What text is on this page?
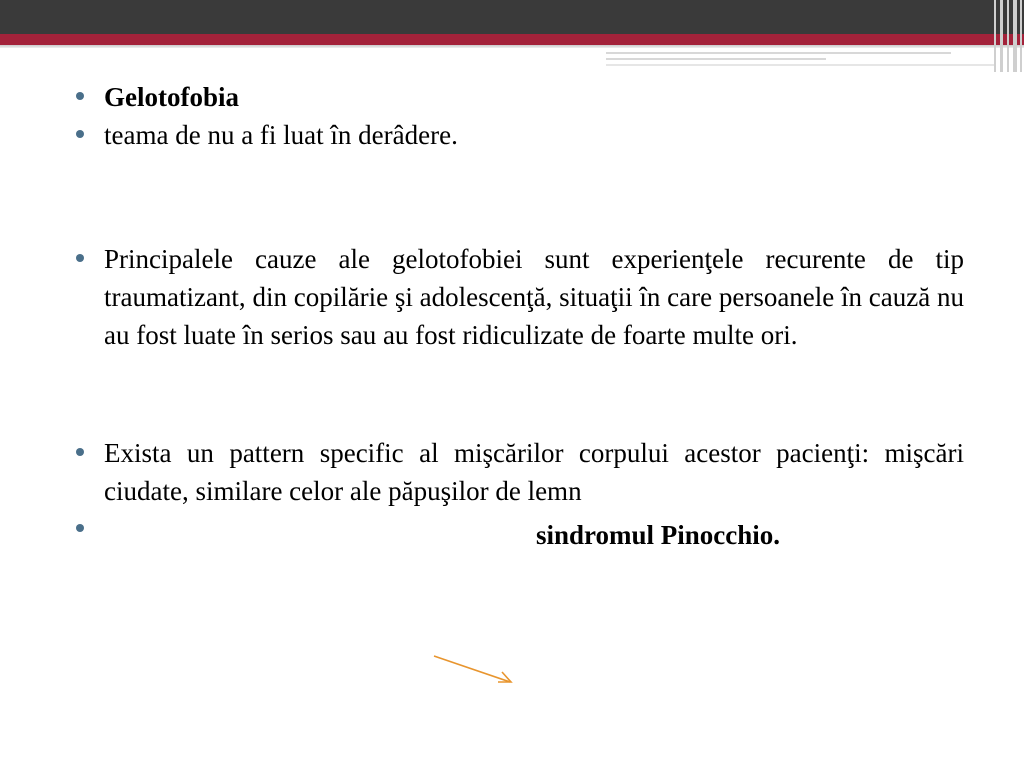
Gelotofobia
teama de nu a fi luat în derâdere.
Principalele cauze ale gelotofobiei sunt experienţele recurente de tip traumatizant, din copilărie şi adolescenţă, situaţii în care persoanele în cauză nu au fost luate în serios sau au fost ridiculizate de foarte multe ori.
Exista un pattern specific al mişcărilor corpului acestor pacienţi: mişcări ciudate, similare celor ale păpuşilor de lemn
sindromul Pinocchio.
